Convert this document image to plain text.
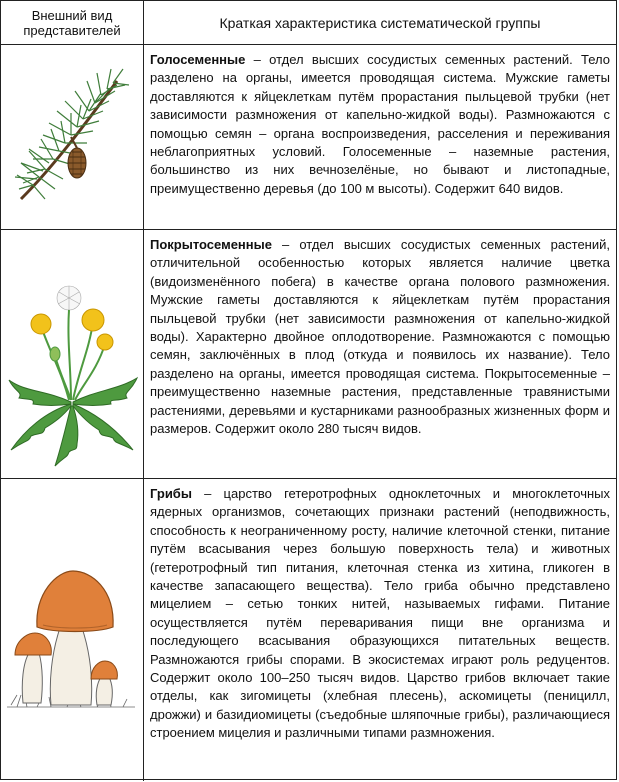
Внешний вид
представителей	Краткая характеристика систематической группы
Голосеменные – отдел высших сосудистых семенных растений. Тело разделено на органы, имеется проводящая система. Мужские гаметы доставляются к яйцеклеткам путём прорастания пыльцевой трубки (нет зависимости размножения от капельно-жидкой воды). Размножаются с помощью семян – органа воспроизведения, расселения и переживания неблагоприятных условий. Голосеменные – наземные растения, большинство из них вечнозелёные, но бывают и листопадные, преимущественно деревья (до 100 м высоты). Содержит 640 видов.
Покрытосеменные – отдел высших сосудистых семенных растений, отличительной особенностью которых является наличие цветка (видоизменённого побега) в качестве органа полового размножения. Мужские гаметы доставляются к яйцеклеткам путём прорастания пыльцевой трубки (нет зависимости размножения от капельно-жидкой воды). Характерно двойное оплодотворение. Размножаются с помощью семян, заключённых в плод (откуда и появилось их название). Тело разделено на органы, имеется проводящая система. Покрытосеменные – преимущественно наземные растения, представленные травянистыми растениями, деревьями и кустарниками разнообразных жизненных форм и размеров. Содержит около 280 тысяч видов.
Грибы – царство гетеротрофных одноклеточных и многоклеточных ядерных организмов, сочетающих признаки растений (неподвижность, способность к неограниченному росту, наличие клеточной стенки, питание путём всасывания через большую поверхность тела) и животных (гетеротрофный тип питания, клеточная стенка из хитина, гликоген в качестве запасающего вещества). Тело гриба обычно представлено мицелием – сетью тонких нитей, называемых гифами. Питание осуществляется путём переваривания пищи вне организма и последующего всасывания образующихся питательных веществ. Размножаются грибы спорами. В экосистемах играют роль редуцентов. Содержит около 100–250 тысяч видов. Царство грибов включает такие отделы, как зигомицеты (хлебная плесень), аскомицеты (пеницилл, дрожжи) и базидиомицеты (съедобные шляпочные грибы), различающиеся строением мицелия и различными типами размножения.
